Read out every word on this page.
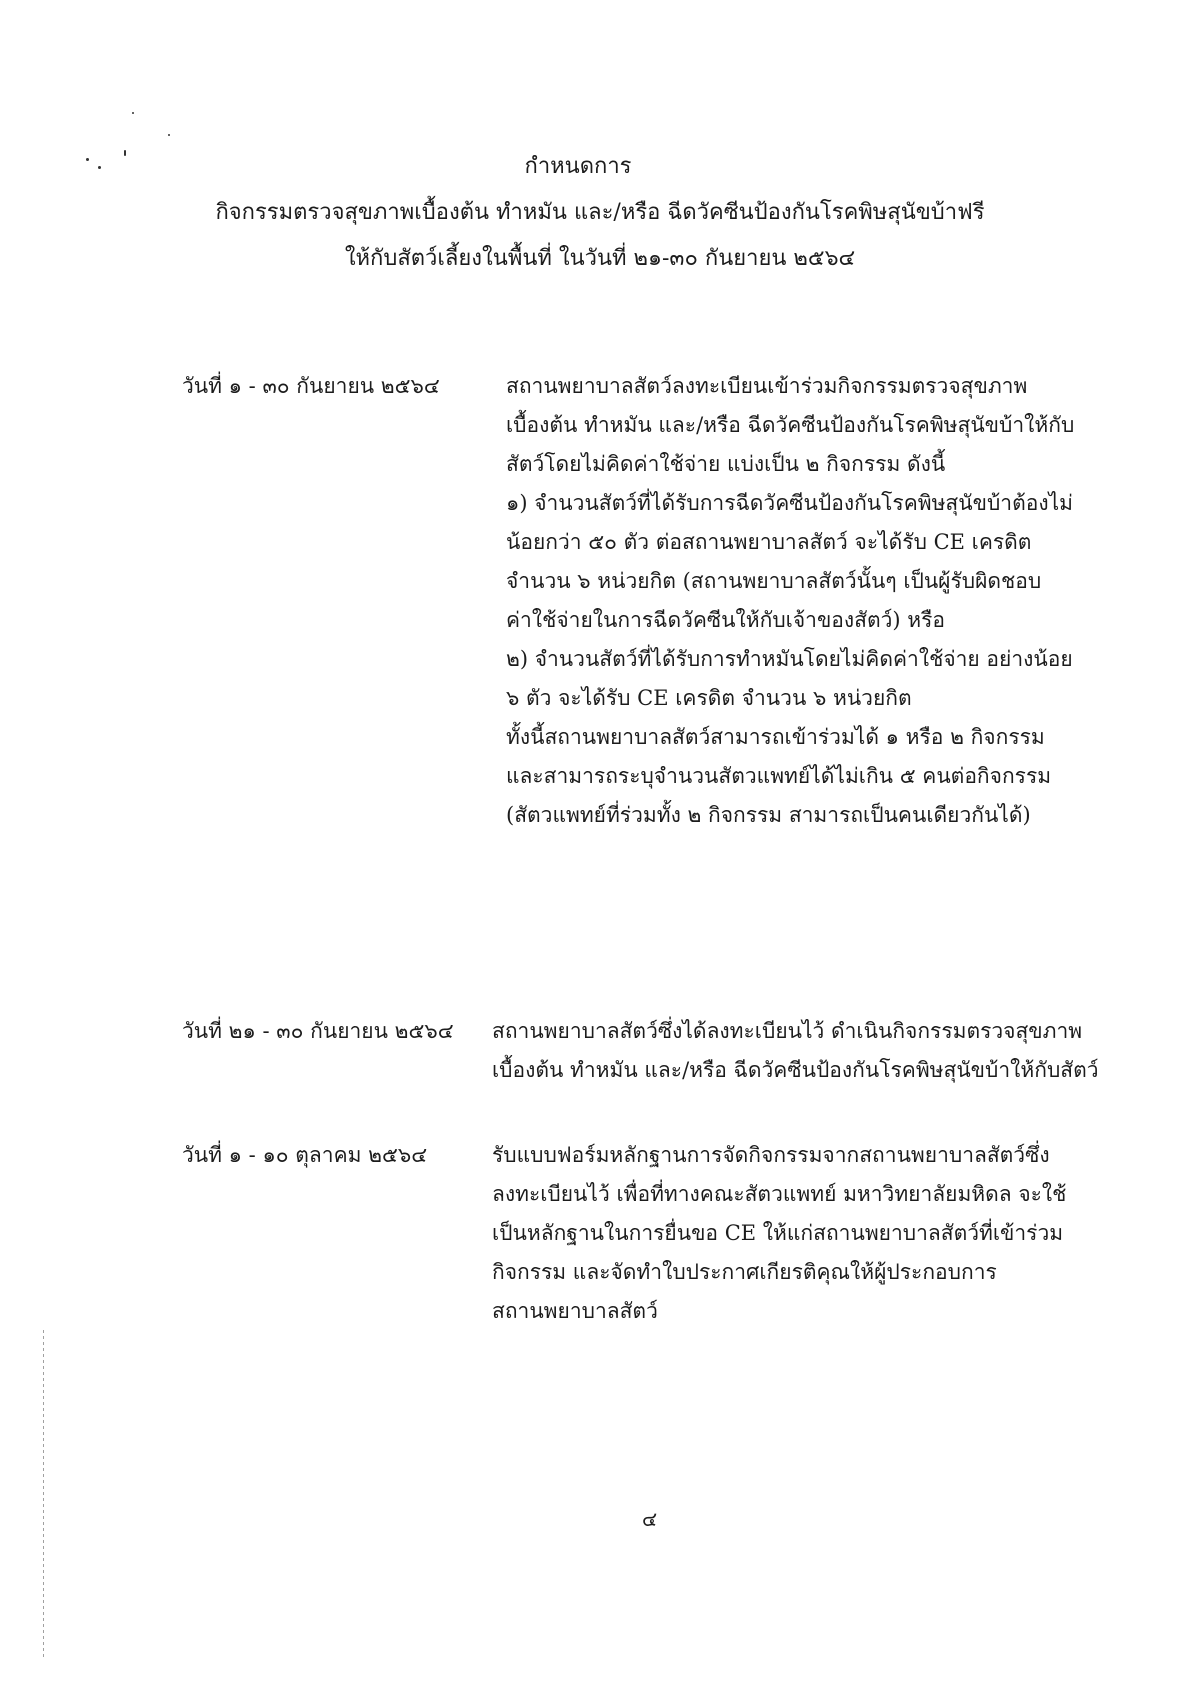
กำหนดการ
กิจกรรมตรวจสุขภาพเบื้องต้น ทำหมัน และ/หรือ ฉีดวัคซีนป้องกันโรคพิษสุนัขบ้าฟรี
ให้กับสัตว์เลี้ยงในพื้นที่ ในวันที่ ๒๑-๓๐ กันยายน ๒๕๖๔
วันที่ ๑ - ๓๐ กันยายน ๒๕๖๔	สถานพยาบาลสัตว์ลงทะเบียนเข้าร่วมกิจกรรมตรวจสุขภาพ
เบื้องต้น ทำหมัน และ/หรือ ฉีดวัคซีนป้องกันโรคพิษสุนัขบ้าให้กับ
สัตว์โดยไม่คิดค่าใช้จ่าย แบ่งเป็น ๒ กิจกรรม ดังนี้
๑) จำนวนสัตว์ที่ได้รับการฉีดวัคซีนป้องกันโรคพิษสุนัขบ้าต้องไม่
น้อยกว่า ๕๐ ตัว ต่อสถานพยาบาลสัตว์ จะได้รับ CE เครดิต
จำนวน ๖ หน่วยกิต (สถานพยาบาลสัตว์นั้นๆ เป็นผู้รับผิดชอบ
ค่าใช้จ่ายในการฉีดวัคซีนให้กับเจ้าของสัตว์) หรือ
๒) จำนวนสัตว์ที่ได้รับการทำหมันโดยไม่คิดค่าใช้จ่าย อย่างน้อย
๖ ตัว จะได้รับ CE เครดิต จำนวน ๖ หน่วยกิต
ทั้งนี้สถานพยาบาลสัตว์สามารถเข้าร่วมได้ ๑ หรือ ๒ กิจกรรม
และสามารถระบุจำนวนสัตวแพทย์ได้ไม่เกิน ๕ คนต่อกิจกรรม
(สัตวแพทย์ที่ร่วมทั้ง ๒ กิจกรรม สามารถเป็นคนเดียวกันได้)
วันที่ ๒๑ - ๓๐ กันยายน ๒๕๖๔ สถานพยาบาลสัตว์ซึ่งได้ลงทะเบียนไว้ ดำเนินกิจกรรมตรวจสุขภาพ
เบื้องต้น ทำหมัน และ/หรือ ฉีดวัคซีนป้องกันโรคพิษสุนัขบ้าให้กับสัตว์
วันที่ ๑ - ๑๐ ตุลาคม ๒๕๖๔	รับแบบฟอร์มหลักฐานการจัดกิจกรรมจากสถานพยาบาลสัตว์ซึ่ง
ลงทะเบียนไว้ เพื่อที่ทางคณะสัตวแพทย์ มหาวิทยาลัยมหิดล จะใช้
เป็นหลักฐานในการยื่นขอ CE ให้แก่สถานพยาบาลสัตว์ที่เข้าร่วม
กิจกรรม และจัดทำใบประกาศเกียรติคุณให้ผู้ประกอบการ
สถานพยาบาลสัตว์
๔
